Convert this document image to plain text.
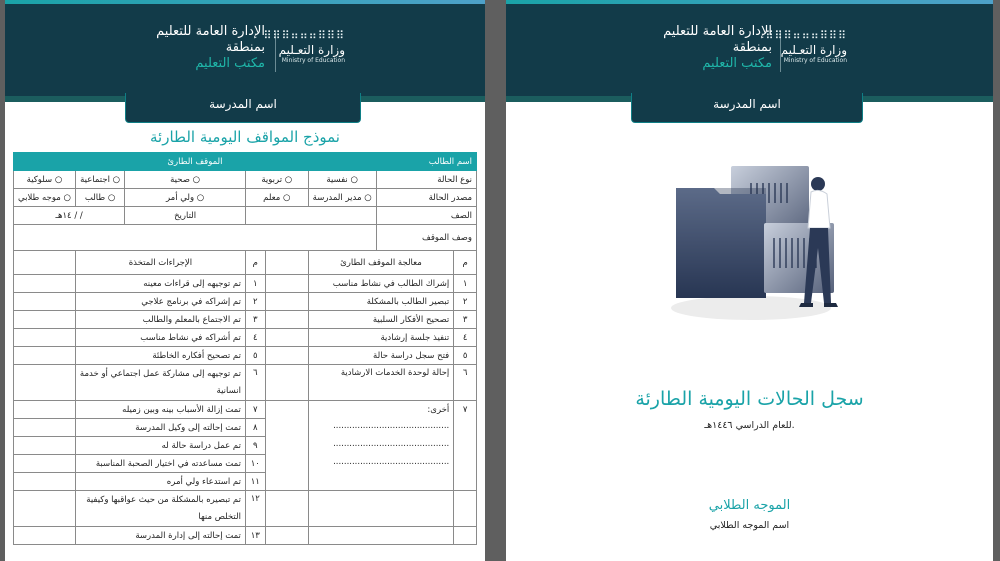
الإدارة العامة للتعليم
بمنطقة
مكتب التعليم
⠿⠿⠿⠶⠶⠶⠿⠿⠿
وزارة التعـليم
Ministry of Education
اسم المدرسة
نموذج المواقف اليومية الطارئة
اسم الطالب				الموقف الطارئ			
نوع الحالة		○ نفسية	○ تربوية		○ صحية	○ اجتماعية	○ سلوكية
مصدر الحالة		○ مدير المدرسة	○ معلم		○ ولي أمر	○ طالب	○ موجه طلابي
الصف					التاريخ	/ / ١٤هـ	
وصف الموقف							
م	معالجة الموقف الطارئ			م	الإجراءات المتخذة		
١	إشراك الطالب في نشاط مناسب			١	تم توجيهه إلى قراءات معينه		
٢	تبصير الطالب بالمشكلة			٢	تم إشراكه في برنامج علاجي		
٣	تصحيح الأفكار السلبية			٣	تم الاجتماع بالمعلم والطالب		
٤	تنفيذ جلسة إرشادية			٤	تم أشراكه في نشاط مناسب		
٥	فتح سجل دراسة حالة			٥	تم تصحيح أفكاره الخاطئة		
٦	إحالة لوحدة الخدمات الارشادية			٦	تم توجيهه إلى مشاركة عمل اجتماعي أو خدمة		
					انسانية		
٧	أخرى:
...........................................
...........................................
...........................................			٧	تمت إزالة الأسباب بينه وبين زميله		
				٨	تمت إحالته إلى وكيل المدرسة		
				٩	تم عمل دراسة حالة له		
				١٠	تمت مساعدته في اختيار الصحبة المناسبة		
				١١	تم استدعاء ولي أمره		
				١٢	تم تبصيره بالمشكلة من حيث عواقبها وكيفية		
					التخلص منها		
				١٣	تمت إحالته إلى إدارة المدرسة		
الإدارة العامة للتعليم
بمنطقة
مكتب التعليم
⠿⠿⠿⠶⠶⠶⠿⠿⠿
وزارة التعـليم
Ministry of Education
اسم المدرسة
سجل الحالات اليومية الطارئة
للعام الدراسي ١٤٤٦هـ.
الموجه الطلابي
اسم الموجه الطلابي
